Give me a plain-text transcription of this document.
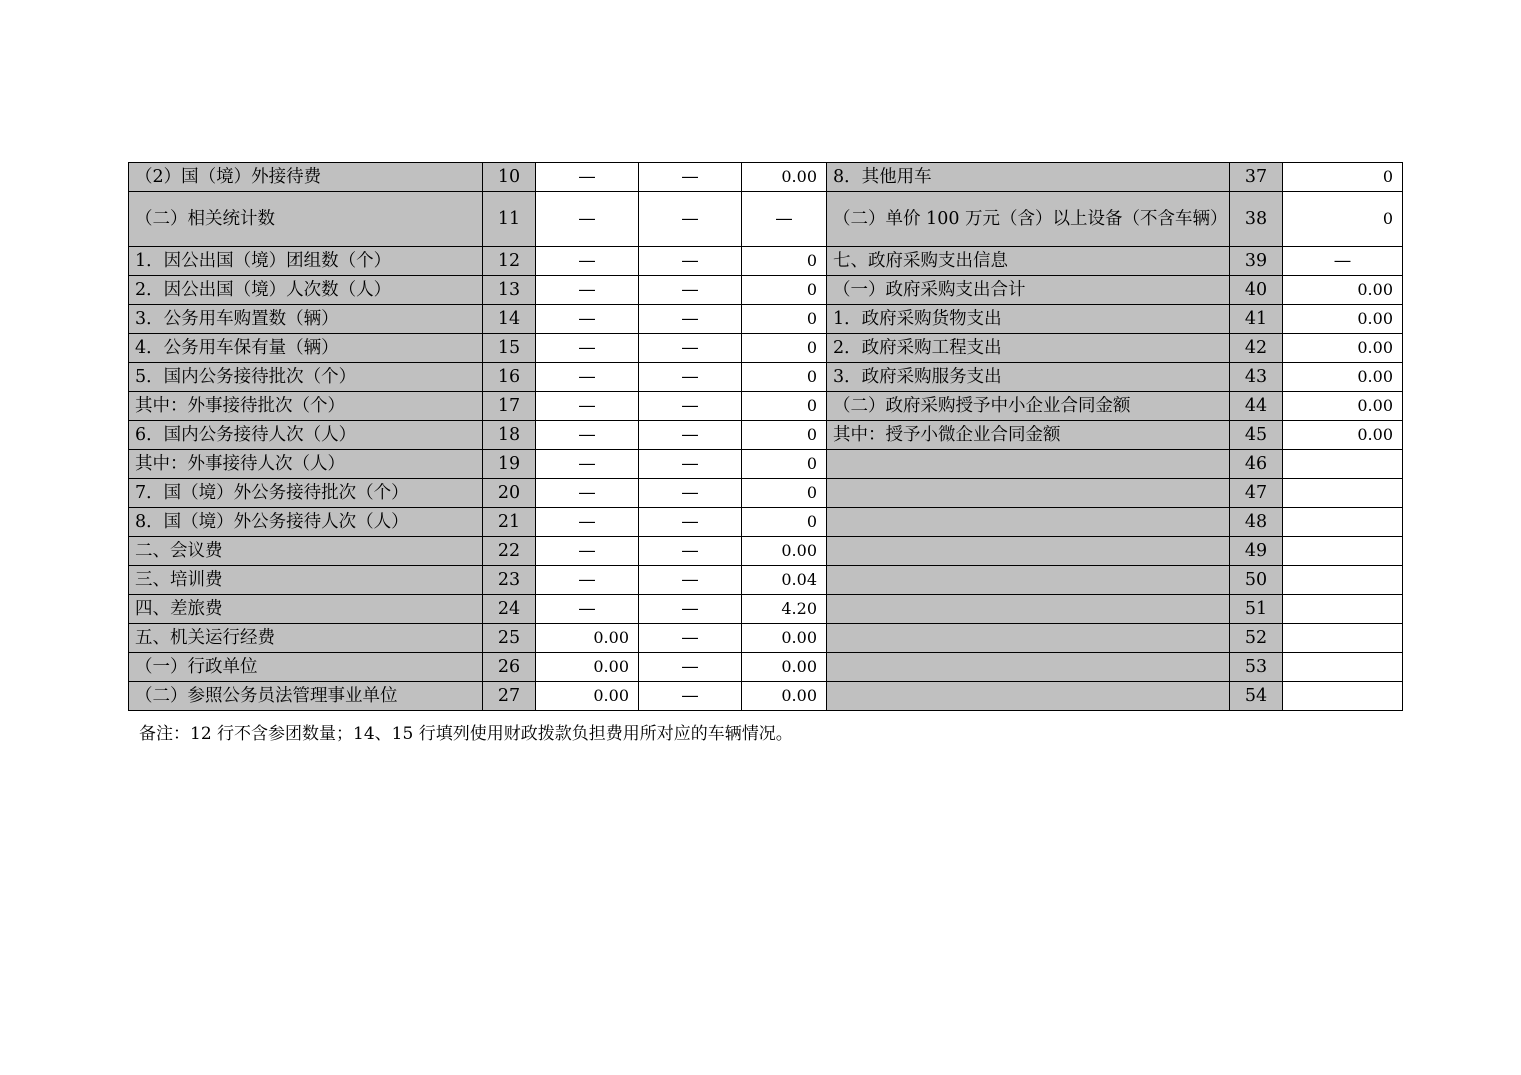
（2）国（境）外接待费	10	—	—	0.00	8．其他用车	37	0
（二）相关统计数	11	—	—	—	（二）单价 100 万元（含）以上设备（不含车辆）	38	0
1．因公出国（境）团组数（个）	12	—	—	0	七、政府采购支出信息	39	—
2．因公出国（境）人次数（人）	13	—	—	0	（一）政府采购支出合计	40	0.00
3．公务用车购置数（辆）	14	—	—	0	1．政府采购货物支出	41	0.00
4．公务用车保有量（辆）	15	—	—	0	2．政府采购工程支出	42	0.00
5．国内公务接待批次（个）	16	—	—	0	3．政府采购服务支出	43	0.00
其中：外事接待批次（个）	17	—	—	0	（二）政府采购授予中小企业合同金额	44	0.00
6．国内公务接待人次（人）	18	—	—	0	其中：授予小微企业合同金额	45	0.00
其中：外事接待人次（人）	19	—	—	0		46	
7．国（境）外公务接待批次（个）	20	—	—	0		47	
8．国（境）外公务接待人次（人）	21	—	—	0		48	
二、会议费	22	—	—	0.00		49	
三、培训费	23	—	—	0.04		50	
四、差旅费	24	—	—	4.20		51	
五、机关运行经费	25	0.00	—	0.00		52	
（一）行政单位	26	0.00	—	0.00		53	
（二）参照公务员法管理事业单位	27	0.00	—	0.00		54	
备注：12 行不含参团数量；14、15 行填列使用财政拨款负担费用所对应的车辆情况。
